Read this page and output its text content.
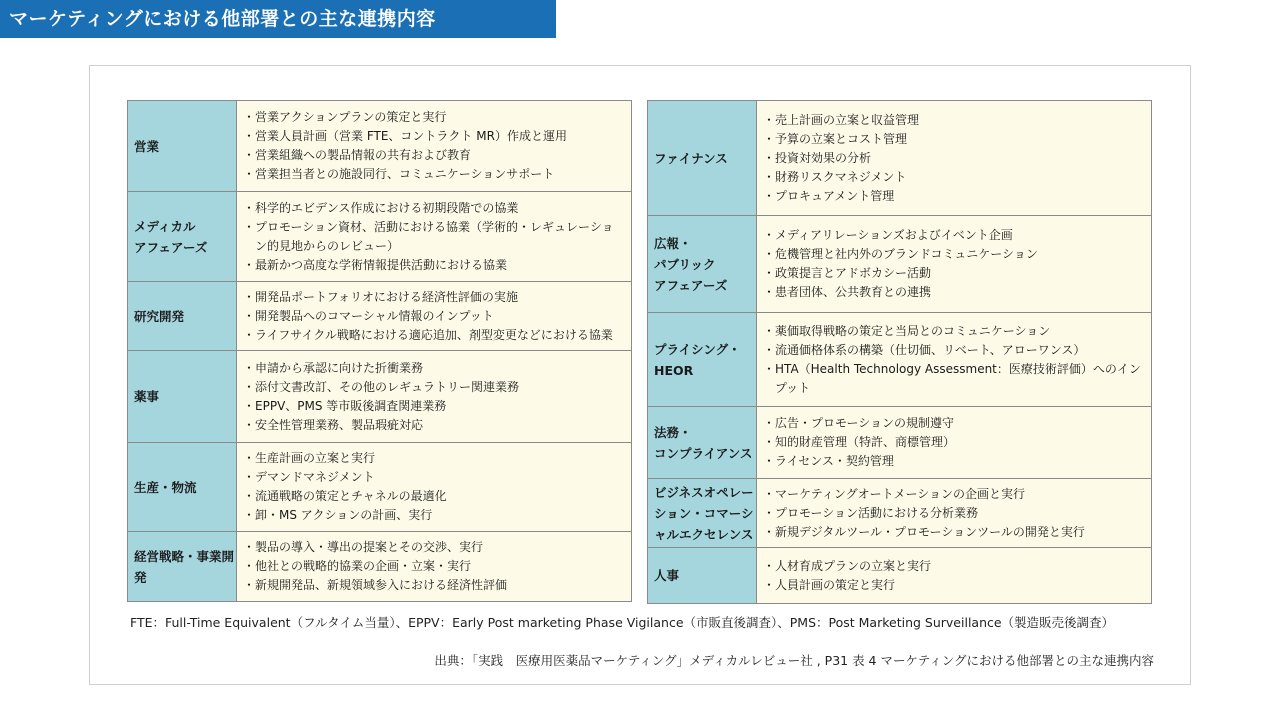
マーケティングにおける他部署との主な連携内容
営業
・ 営業アクションプランの策定と実行
・ 営業人員計画（営業 FTE、コントラクト MR）作成と運用
・ 営業組織への製品情報の共有および教育
・ 営業担当者との施設同行、コミュニケーションサポート
メディカル
アフェアーズ
・ 科学的エビデンス作成における初期段階での協業
・ プロモーション資材、活動における協業（学術的・レギュレーション的見地からのレビュー）
・ 最新かつ高度な学術情報提供活動における協業
研究開発
・ 開発品ポートフォリオにおける経済性評価の実施
・ 開発製品へのコマーシャル情報のインプット
・ ライフサイクル戦略における適応追加、剤型変更などにおける協業
薬事
・ 申請から承認に向けた折衝業務
・ 添付文書改訂、その他のレギュラトリー関連業務
・ EPPV、PMS 等市販後調査関連業務
・ 安全性管理業務、製品瑕疵対応
生産・物流
・ 生産計画の立案と実行
・ デマンドマネジメント
・ 流通戦略の策定とチャネルの最適化
・ 卸・MS アクションの計画、実行
経営戦略・事業開発
・ 製品の導入・導出の提案とその交渉、実行
・ 他社との戦略的協業の企画・立案・実行
・ 新規開発品、新規領域参入における経済性評価
ファイナンス
・ 売上計画の立案と収益管理
・ 予算の立案とコスト管理
・ 投資対効果の分析
・ 財務リスクマネジメント
・ プロキュアメント管理
広報・
パブリック
アフェアーズ
・ メディアリレーションズおよびイベント企画
・ 危機管理と社内外のブランドコミュニケーション
・ 政策提言とアドボカシー活動
・ 患者団体、公共教育との連携
プライシング・
HEOR
・ 薬価取得戦略の策定と当局とのコミュニケーション
・ 流通価格体系の構築（仕切価、リベート、アローワンス）
・ HTA（Health Technology Assessment：医療技術評価）へのインプット
法務・
コンプライアンス
・ 広告・プロモーションの規制遵守
・ 知的財産管理（特許、商標管理）
・ ライセンス・契約管理
ビジネスオペレーション・コマーシャルエクセレンス
・ マーケティングオートメーションの企画と実行
・ プロモーション活動における分析業務
・ 新規デジタルツール・プロモーションツールの開発と実行
人事
・ 人材育成プランの立案と実行
・ 人員計画の策定と実行
FTE：Full-Time Equivalent（フルタイム当量）、EPPV：Early Post marketing Phase Vigilance（市販直後調査）、PMS：Post Marketing Surveillance（製造販売後調査）
出典：「実践　医療用医薬品マーケティング」メディカルレビュー社 , P31 表 4 マーケティングにおける他部署との主な連携内容
